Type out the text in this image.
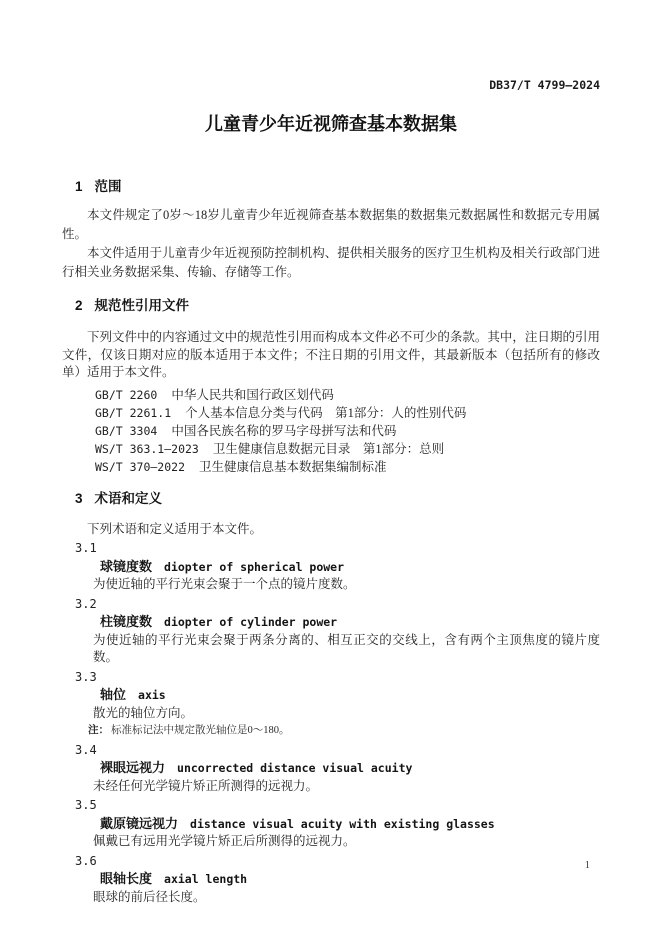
DB37/T 4799—2024
儿童青少年近视筛查基本数据集
1 范围

本文件规定了0岁～18岁儿童青少年近视筛查基本数据集的数据集元数据属性和数据元专用属性。

本文件适用于儿童青少年近视预防控制机构、提供相关服务的医疗卫生机构及相关行政部门进行相关业务数据采集、传输、存储等工作。

2 规范性引用文件

下列文件中的内容通过文中的规范性引用而构成本文件必不可少的条款。其中，注日期的引用文件，仅该日期对应的版本适用于本文件；不注日期的引用文件，其最新版本（包括所有的修改单）适用于本文件。

GB/T 2260 中华人民共和国行政区划代码
GB/T 2261.1 个人基本信息分类与代码　第1部分：人的性别代码
GB/T 3304 中国各民族名称的罗马字母拼写法和代码
WS/T 363.1—2023 卫生健康信息数据元目录　第1部分：总则
WS/T 370—2022 卫生健康信息基本数据集编制标准
3 术语和定义

下列术语和定义适用于本文件。

3.1
球镜度数 diopter of spherical power
为使近轴的平行光束会聚于一个点的镜片度数。
3.2
柱镜度数 diopter of cylinder power
为使近轴的平行光束会聚于两条分离的、相互正交的交线上，含有两个主顶焦度的镜片度数。
3.3
轴位 axis
散光的轴位方向。
注： 标准标记法中规定散光轴位是0～180。
3.4
裸眼远视力 uncorrected distance visual acuity
未经任何光学镜片矫正所测得的远视力。
3.5
戴原镜远视力 distance visual acuity with existing glasses
佩戴已有远用光学镜片矫正后所测得的远视力。
3.6
眼轴长度 axial length
眼球的前后径长度。
1
